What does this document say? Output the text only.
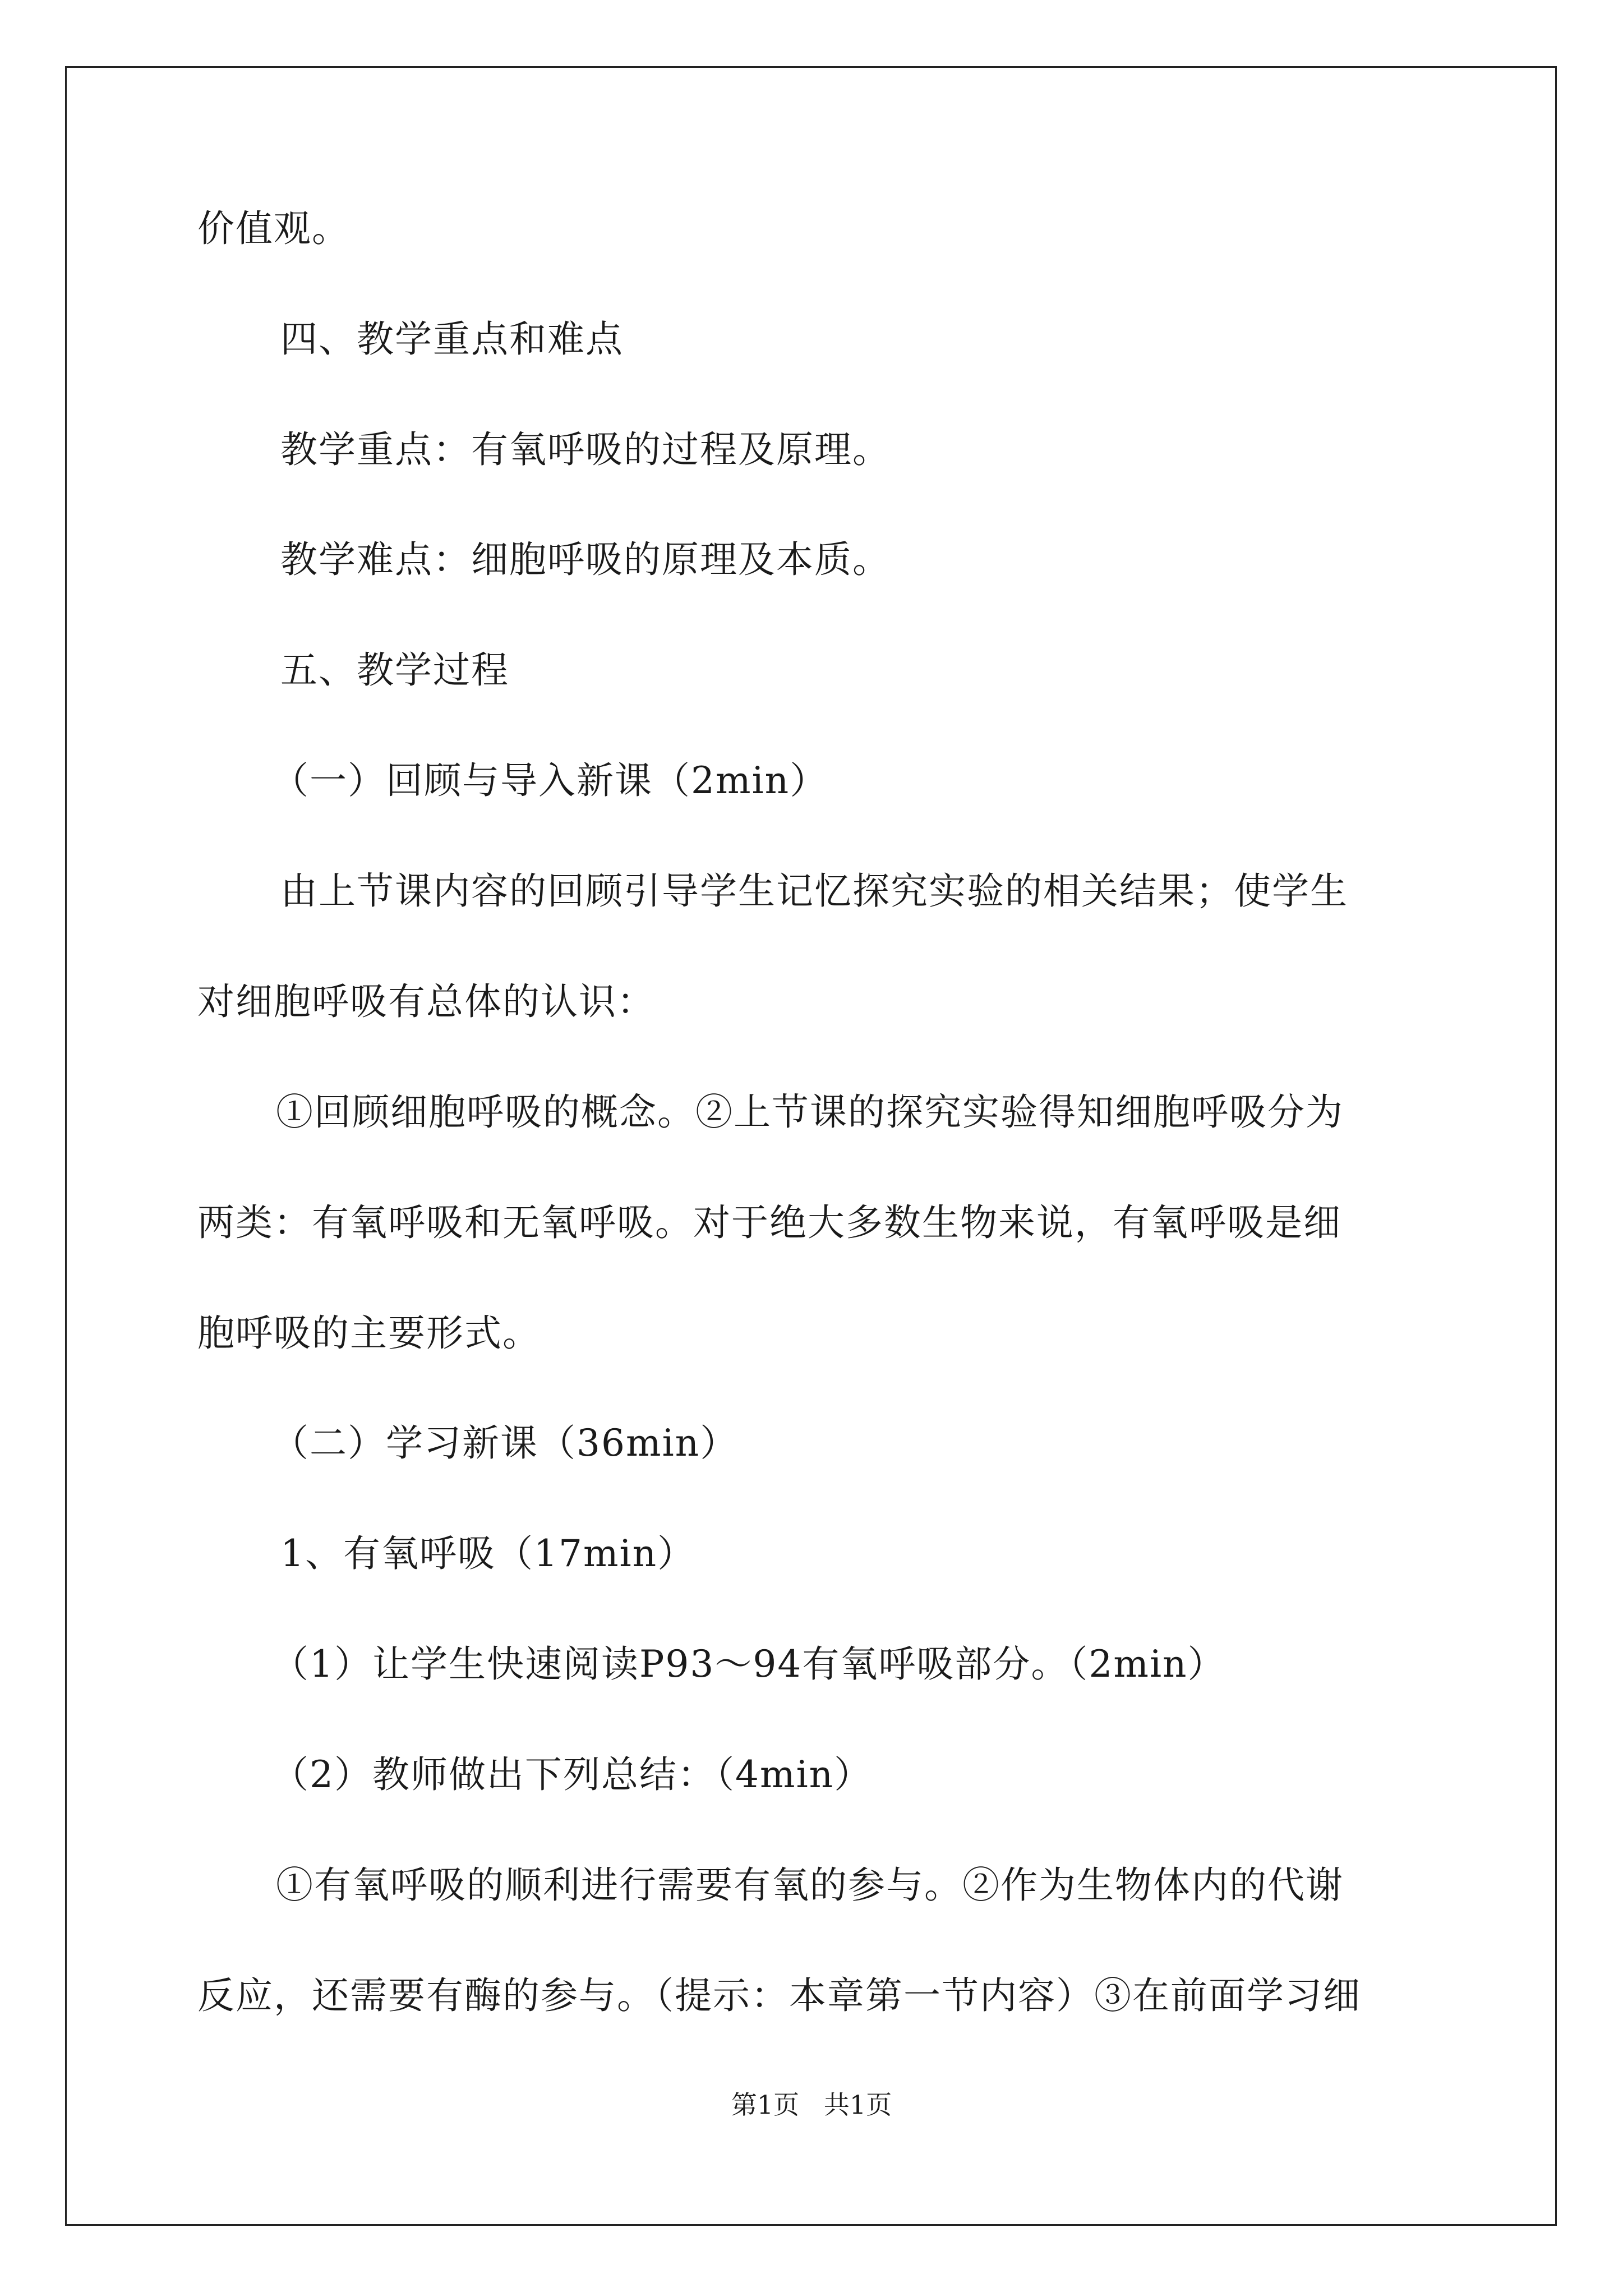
价值观。
四、教学重点和难点
教学重点：有氧呼吸的过程及原理。
教学难点：细胞呼吸的原理及本质。
五、教学过程
（一）回顾与导入新课（2min）
由上节课内容的回顾引导学生记忆探究实验的相关结果；使学生
对细胞呼吸有总体的认识：
①回顾细胞呼吸的概念。②上节课的探究实验得知细胞呼吸分为
两类：有氧呼吸和无氧呼吸。对于绝大多数生物来说，有氧呼吸是细
胞呼吸的主要形式。
（二）学习新课（36min）
1、有氧呼吸（17min）
（1）让学生快速阅读P93～94有氧呼吸部分。（2min）
（2）教师做出下列总结：（4min）
①有氧呼吸的顺利进行需要有氧的参与。②作为生物体内的代谢
反应，还需要有酶的参与。（提示：本章第一节内容）③在前面学习细
第1页   共1页
